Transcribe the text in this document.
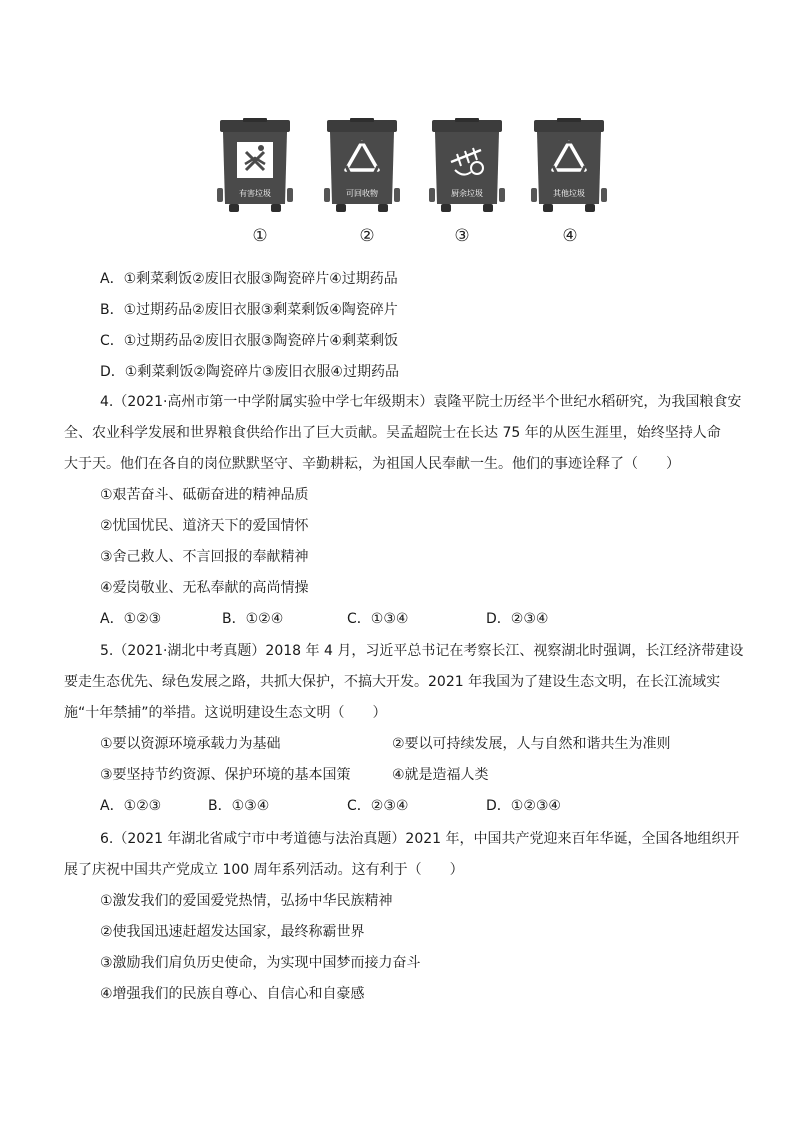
有害垃圾	可回收物	厨余垃圾	其他垃圾
①	②	③	④
A．①剩菜剩饭②废旧衣服③陶瓷碎片④过期药品
B．①过期药品②废旧衣服③剩菜剩饭④陶瓷碎片
C．①过期药品②废旧衣服③陶瓷碎片④剩菜剩饭
D．①剩菜剩饭②陶瓷碎片③废旧衣服④过期药品
4.（2021·高州市第一中学附属实验中学七年级期末）袁隆平院士历经半个世纪水稻研究，为我国粮食安
全、农业科学发展和世界粮食供给作出了巨大贡献。吴孟超院士在长达 75 年的从医生涯里，始终坚持人命
大于天。他们在各自的岗位默默坚守、辛勤耕耘，为祖国人民奉献一生。他们的事迹诠释了（　　）
①艰苦奋斗、砥砺奋进的精神品质
②忧国忧民、道济天下的爱国情怀
③舍己救人、不言回报的奉献精神
④爱岗敬业、无私奉献的高尚情操
A．①②③	B．①②④	C．①③④	D．②③④
5.（2021·湖北中考真题）2018 年 4 月，习近平总书记在考察长江、视察湖北时强调，长江经济带建设
要走生态优先、绿色发展之路，共抓大保护，不搞大开发。2021 年我国为了建设生态文明，在长江流域实
施“十年禁捕”的举措。这说明建设生态文明（　　）
①要以资源环境承载力为基础	②要以可持续发展，人与自然和谐共生为准则
③要坚持节约资源、保护环境的基本国策	④就是造福人类
A．①②③	B．①③④	C．②③④	D．①②③④
6.（2021 年湖北省咸宁市中考道德与法治真题）2021 年，中国共产党迎来百年华诞，全国各地组织开
展了庆祝中国共产党成立 100 周年系列活动。这有利于（　　）
①激发我们的爱国爱党热情，弘扬中华民族精神
②使我国迅速赶超发达国家，最终称霸世界
③激励我们肩负历史使命，为实现中国梦而接力奋斗
④增强我们的民族自尊心、自信心和自豪感
